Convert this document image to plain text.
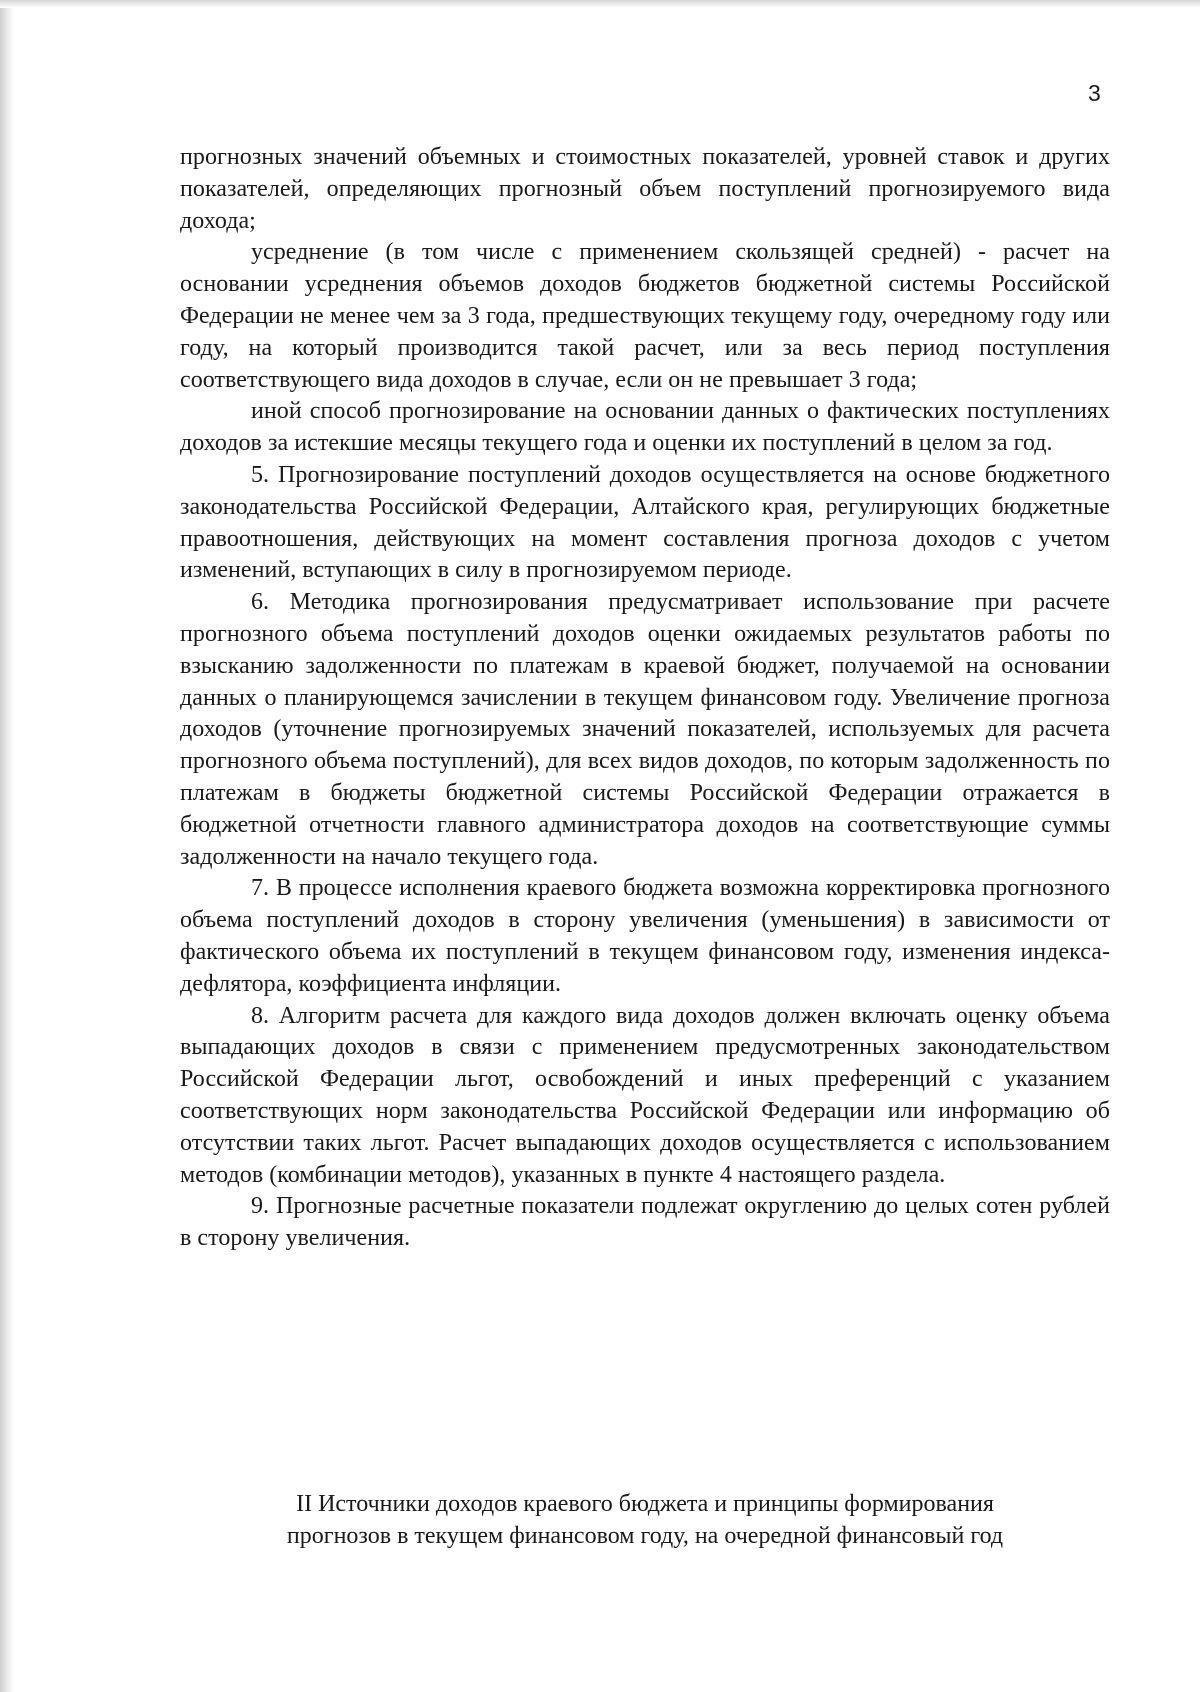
3

прогнозных значений объемных и стоимостных показателей, уровней ставок и других показателей, определяющих прогнозный объем поступлений прогнозируемого вида дохода;

усреднение (в том числе с применением скользящей средней) - расчет на основании усреднения объемов доходов бюджетов бюджетной системы Российской Федерации не менее чем за 3 года, предшествующих текущему году, очередному году или году, на который производится такой расчет, или за весь период поступления соответствующего вида доходов в случае, если он не превышает 3 года;

иной способ прогнозирование на основании данных о фактических поступлениях доходов за истекшие месяцы текущего года и оценки их поступлений в целом за год.

5. Прогнозирование поступлений доходов осуществляется на основе бюджетного законодательства Российской Федерации, Алтайского края, регулирующих бюджетные правоотношения, действующих на момент составления прогноза доходов с учетом изменений, вступающих в силу в прогнозируемом периоде.

6. Методика прогнозирования предусматривает использование при расчете прогнозного объема поступлений доходов оценки ожидаемых результатов работы по взысканию задолженности по платежам в краевой бюджет, получаемой на основании данных о планирующемся зачислении в текущем финансовом году. Увеличение прогноза доходов (уточнение прогнозируемых значений показателей, используемых для расчета прогнозного объема поступлений), для всех видов доходов, по которым задолженность по платежам в бюджеты бюджетной системы Российской Федерации отражается в бюджетной отчетности главного администратора доходов на соответствующие суммы задолженности на начало текущего года.

7. В процессе исполнения краевого бюджета возможна корректировка прогнозного объема поступлений доходов в сторону увеличения (уменьшения) в зависимости от фактического объема их поступлений в текущем финансовом году, изменения индекса-дефлятора, коэффициента инфляции.

8. Алгоритм расчета для каждого вида доходов должен включать оценку объема выпадающих доходов в связи с применением предусмотренных законодательством Российской Федерации льгот, освобождений и иных преференций с указанием соответствующих норм законодательства Российской Федерации или информацию об отсутствии таких льгот. Расчет выпадающих доходов осуществляется с использованием методов (комбинации методов), указанных в пункте 4 настоящего раздела.

9. Прогнозные расчетные показатели подлежат округлению до целых сотен рублей в сторону увеличения.

II Источники доходов краевого бюджета и принципы формирования
прогнозов в текущем финансовом году, на очередной финансовый год
